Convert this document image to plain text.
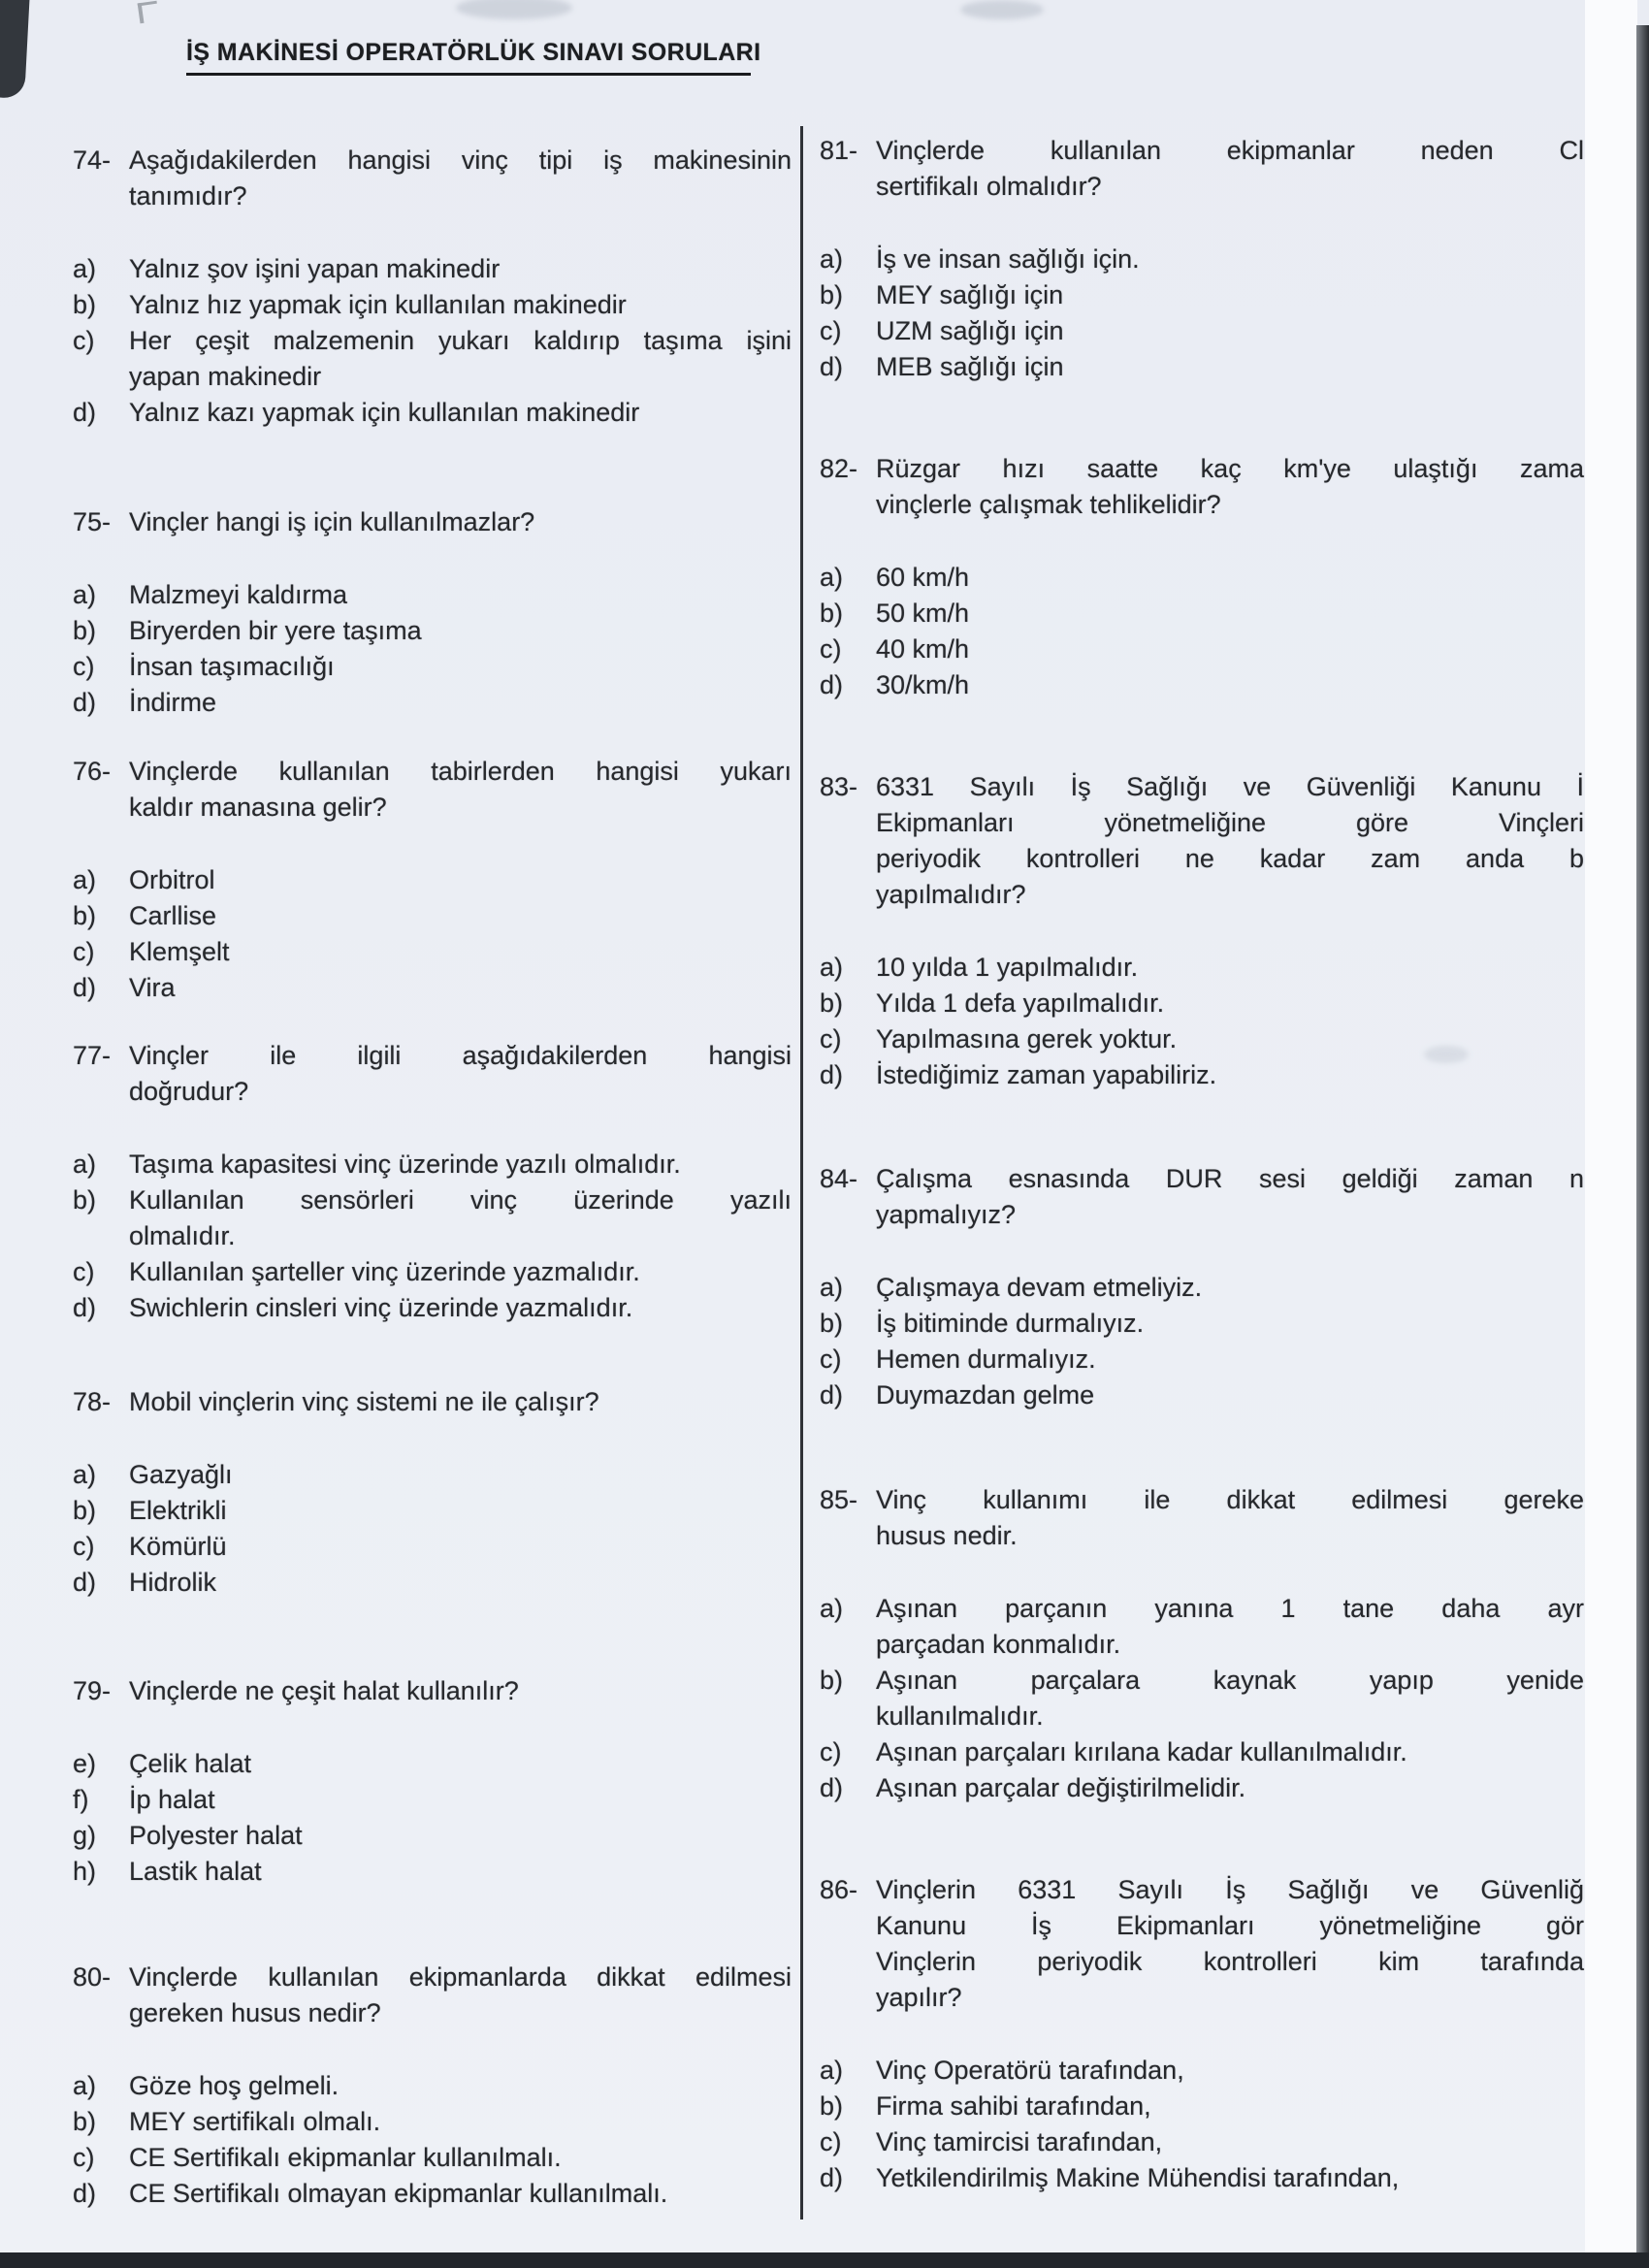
İŞ MAKİNESİ OPERATÖRLÜK SINAVI SORULARI
74- Aşağıdakilerden hangisi vinç tipi iş makinesinin
tanımıdır?
a)	Yalnız şov işini yapan makinedir
b)	Yalnız hız yapmak için kullanılan makinedir
c)	Her çeşit malzemenin yukarı kaldırıp taşıma işini
yapan makinedir
d)	Yalnız kazı yapmak için kullanılan makinedir
75- Vinçler hangi iş için kullanılmazlar?
a)	Malzmeyi kaldırma
b)	Biryerden bir yere taşıma
c)	İnsan taşımacılığı
d)	İndirme
76- Vinçlerde kullanılan tabirlerden hangisi yukarı
kaldır manasına gelir?
a)	Orbitrol
b)	Carllise
c)	Klemşelt
d)	Vira
77- Vinçler ile ilgili aşağıdakilerden hangisi
doğrudur?
a)	Taşıma kapasitesi vinç üzerinde yazılı olmalıdır.
b)	Kullanılan sensörleri vinç üzerinde yazılı
olmalıdır.
c)	Kullanılan şarteller vinç üzerinde yazmalıdır.
d)	Swichlerin cinsleri vinç üzerinde yazmalıdır.
78- Mobil vinçlerin vinç sistemi ne ile çalışır?
a)	Gazyağlı
b)	Elektrikli
c)	Kömürlü
d)	Hidrolik
79- Vinçlerde ne çeşit halat kullanılır?
e)	Çelik halat
f)	İp halat
g)	Polyester halat
h)	Lastik halat
80- Vinçlerde kullanılan ekipmanlarda dikkat edilmesi
gereken husus nedir?
a)	Göze hoş gelmeli.
b)	MEY sertifikalı olmalı.
c)	CE Sertifikalı ekipmanlar kullanılmalı.
d)	CE Sertifikalı olmayan ekipmanlar kullanılmalı.
81- Vinçlerde kullanılan ekipmanlar neden Cl
sertifikalı olmalıdır?
a)	İş ve insan sağlığı için.
b)	MEY sağlığı için
c)	UZM sağlığı için
d)	MEB sağlığı için
82- Rüzgar hızı saatte kaç km'ye ulaştığı zama
vinçlerle çalışmak tehlikelidir?
a)	60 km/h
b)	50 km/h
c)	40 km/h
d)	30/km/h
83- 6331 Sayılı İş Sağlığı ve Güvenliği Kanunu İ
Ekipmanları yönetmeliğine göre Vinçleri
periyodik kontrolleri ne kadar zam anda b
yapılmalıdır?
a)	10 yılda 1 yapılmalıdır.
b)	Yılda 1 defa yapılmalıdır.
c)	Yapılmasına gerek yoktur.
d)	İstediğimiz zaman yapabiliriz.
84- Çalışma esnasında DUR sesi geldiği zaman n
yapmalıyız?
a)	Çalışmaya devam etmeliyiz.
b)	İş bitiminde durmalıyız.
c)	Hemen durmalıyız.
d)	Duymazdan gelme
85- Vinç kullanımı ile dikkat edilmesi gereke
husus nedir.
a)	Aşınan parçanın yanına 1 tane daha ayr
parçadan konmalıdır.
b)	Aşınan parçalara kaynak yapıp yenide
kullanılmalıdır.
c)	Aşınan parçaları kırılana kadar kullanılmalıdır.
d)	Aşınan parçalar değiştirilmelidir.
86- Vinçlerin 6331 Sayılı İş Sağlığı ve Güvenliğ
Kanunu İş Ekipmanları yönetmeliğine gör
Vinçlerin periyodik kontrolleri kim tarafında
yapılır?
a)	Vinç Operatörü tarafından,
b)	Firma sahibi tarafından,
c)	Vinç tamircisi tarafından,
d)	Yetkilendirilmiş Makine Mühendisi tarafından,
